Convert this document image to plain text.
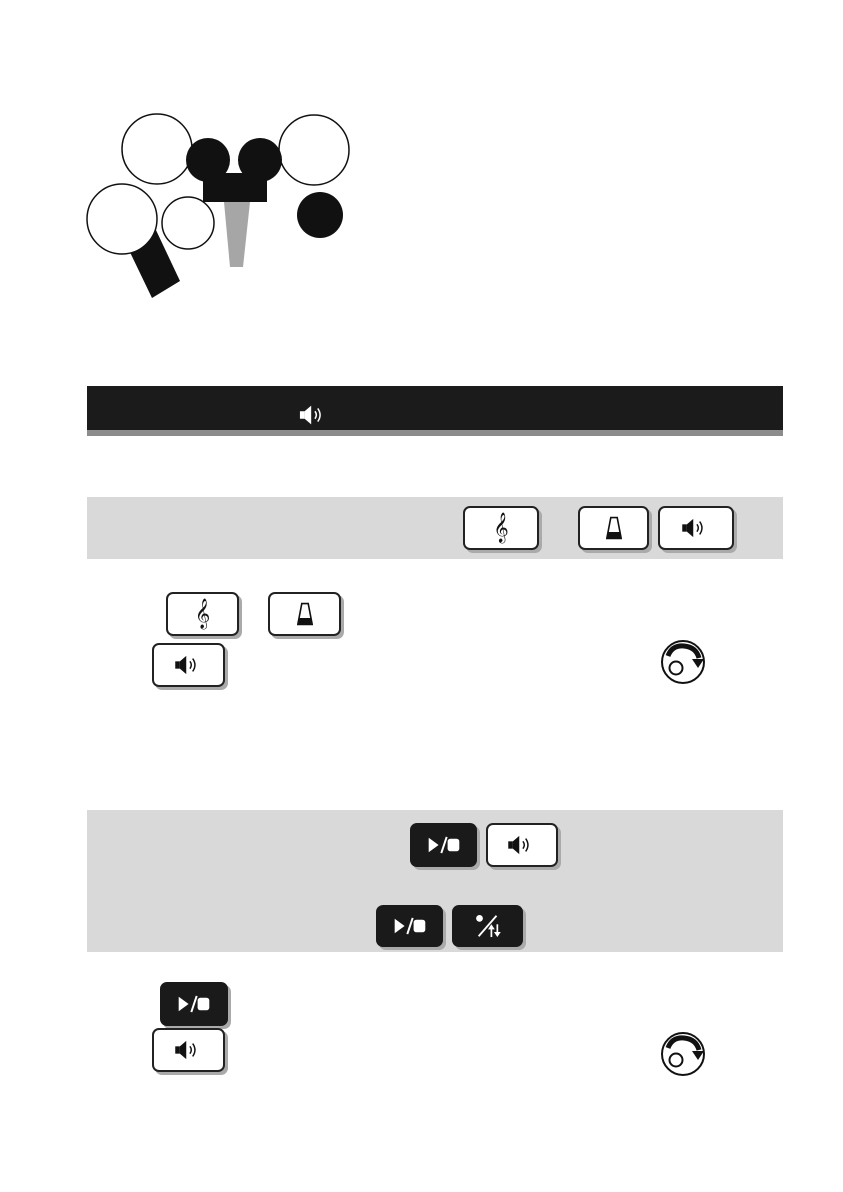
𝄞
𝄞
